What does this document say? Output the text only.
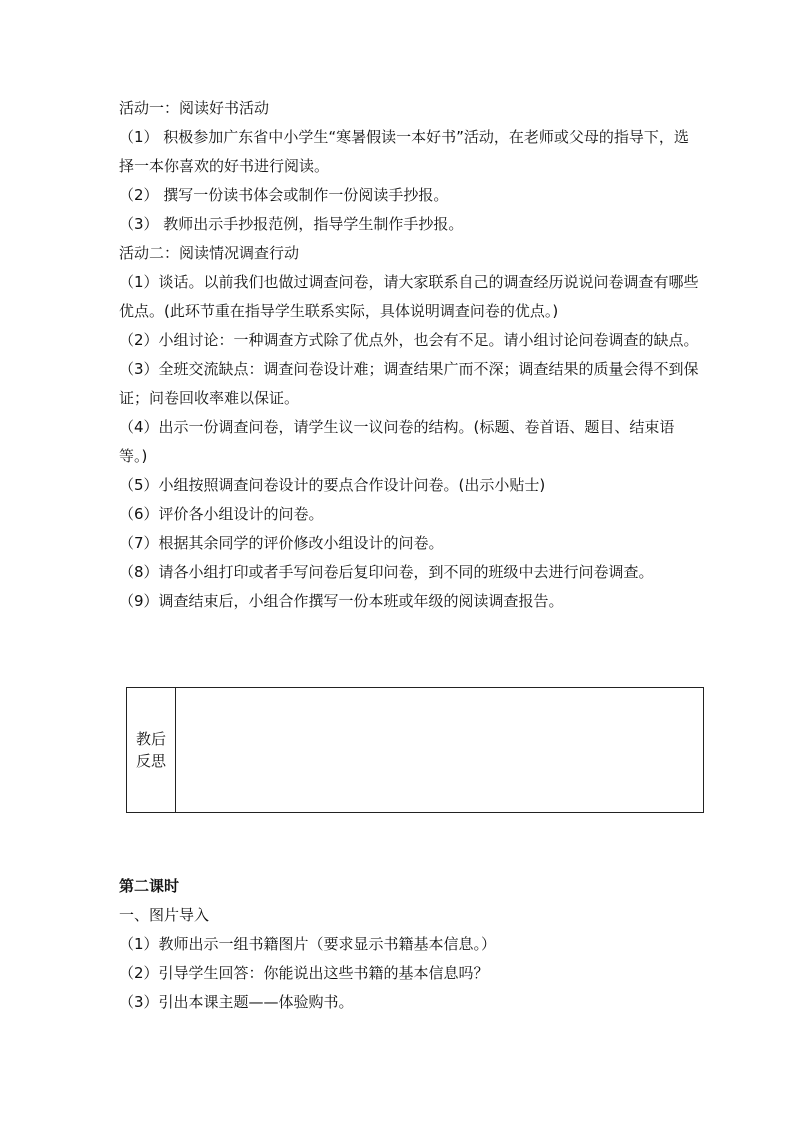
活动一：阅读好书活动

（1） 积极参加广东省中小学生“寒暑假读一本好书”活动，在老师或父母的指导下，选择一本你喜欢的好书进行阅读。

（2） 撰写一份读书体会或制作一份阅读手抄报。

（3） 教师出示手抄报范例，指导学生制作手抄报。

活动二：阅读情况调查行动

（1）谈话。以前我们也做过调查问卷，请大家联系自己的调查经历说说问卷调查有哪些优点。(此环节重在指导学生联系实际，具体说明调查问卷的优点。)

（2）小组讨论：一种调查方式除了优点外，也会有不足。请小组讨论问卷调查的缺点。

（3）全班交流缺点：调查问卷设计难；调查结果广而不深；调查结果的质量会得不到保证；问卷回收率难以保证。

（4）出示一份调查问卷，请学生议一议问卷的结构。(标题、卷首语、题目、结束语等。)

（5）小组按照调查问卷设计的要点合作设计问卷。(出示小贴士)

（6）评价各小组设计的问卷。

（7）根据其余同学的评价修改小组设计的问卷。

（8）请各小组打印或者手写问卷后复印问卷，到不同的班级中去进行问卷调查。

（9）调查结束后，小组合作撰写一份本班或年级的阅读调查报告。

教后反思

第二课时

一、图片导入

（1）教师出示一组书籍图片（要求显示书籍基本信息。）

（2）引导学生回答：你能说出这些书籍的基本信息吗？

（3）引出本课主题——体验购书。
